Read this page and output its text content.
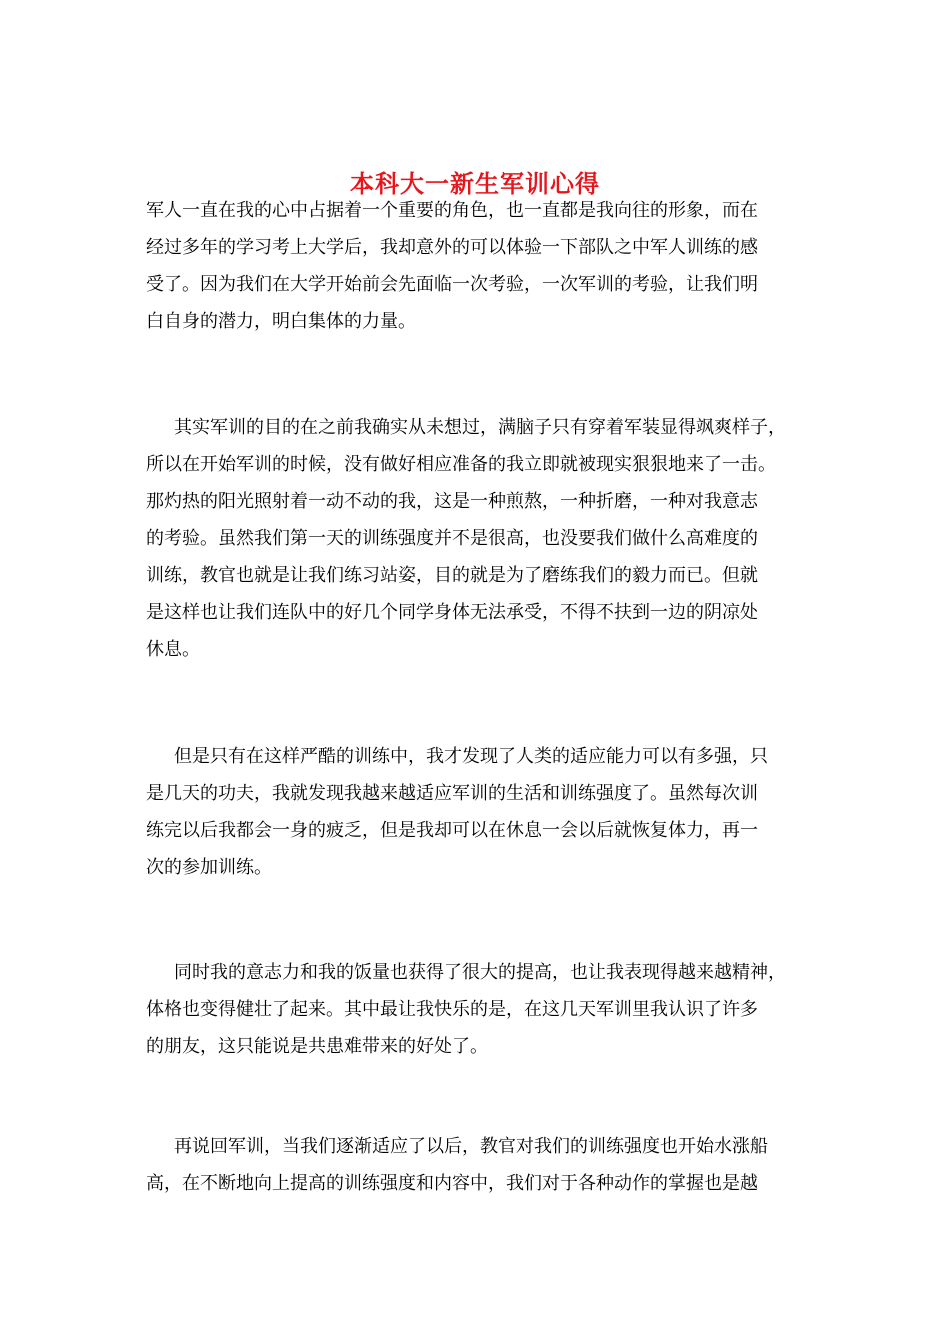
本科大一新生军训心得

军人一直在我的心中占据着一个重要的角色，也一直都是我向往的形象，而在
经过多年的学习考上大学后，我却意外的可以体验一下部队之中军人训练的感
受了。因为我们在大学开始前会先面临一次考验，一次军训的考验，让我们明
白自身的潜力，明白集体的力量。

其实军训的目的在之前我确实从未想过，满脑子只有穿着军装显得飒爽样子，
所以在开始军训的时候，没有做好相应准备的我立即就被现实狠狠地来了一击。
那灼热的阳光照射着一动不动的我，这是一种煎熬，一种折磨，一种对我意志
的考验。虽然我们第一天的训练强度并不是很高，也没要我们做什么高难度的
训练，教官也就是让我们练习站姿，目的就是为了磨练我们的毅力而已。但就
是这样也让我们连队中的好几个同学身体无法承受，不得不扶到一边的阴凉处
休息。

但是只有在这样严酷的训练中，我才发现了人类的适应能力可以有多强，只
是几天的功夫，我就发现我越来越适应军训的生活和训练强度了。虽然每次训
练完以后我都会一身的疲乏，但是我却可以在休息一会以后就恢复体力，再一
次的参加训练。

同时我的意志力和我的饭量也获得了很大的提高，也让我表现得越来越精神，
体格也变得健壮了起来。其中最让我快乐的是，在这几天军训里我认识了许多
的朋友，这只能说是共患难带来的好处了。

再说回军训，当我们逐渐适应了以后，教官对我们的训练强度也开始水涨船
高，在不断地向上提高的训练强度和内容中，我们对于各种动作的掌握也是越
